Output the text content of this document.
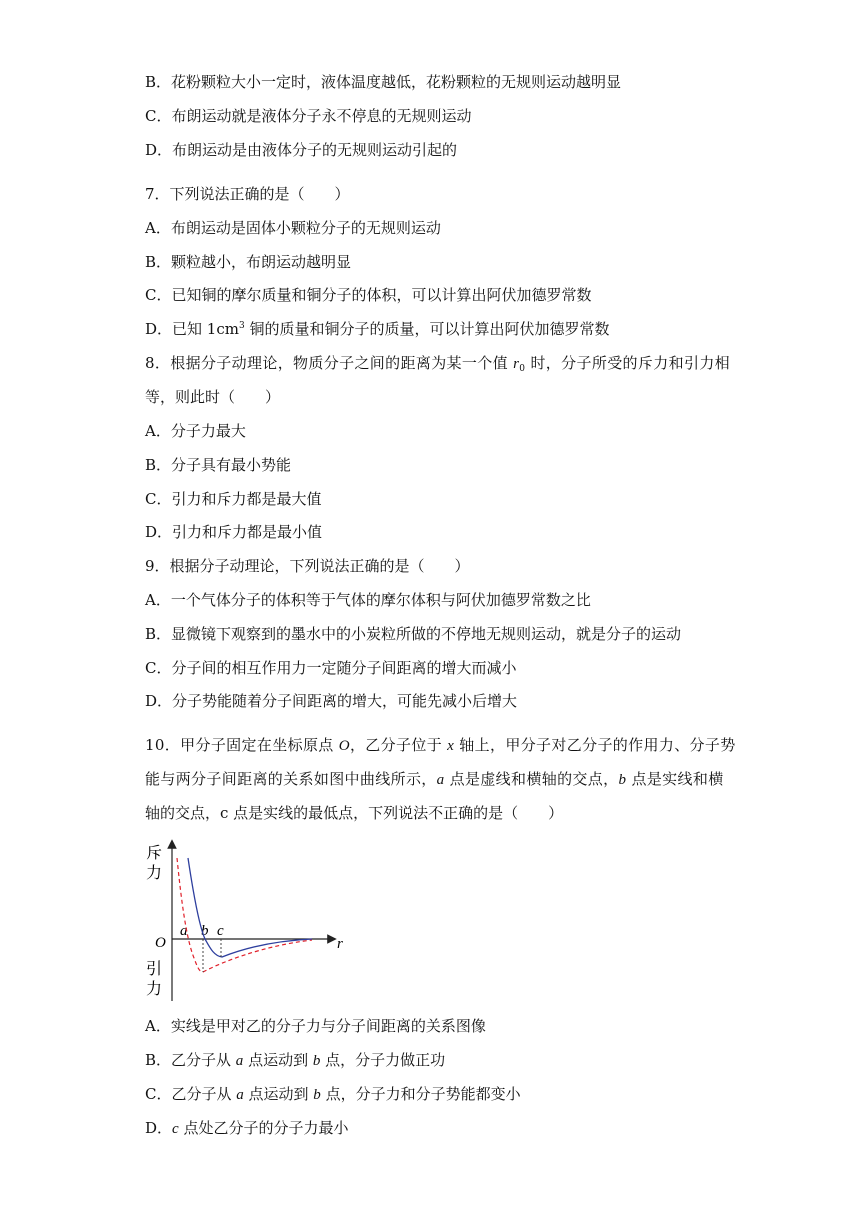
B．花粉颗粒大小一定时，液体温度越低，花粉颗粒的无规则运动越明显
C．布朗运动就是液体分子永不停息的无规则运动
D．布朗运动是由液体分子的无规则运动引起的
7．下列说法正确的是（　　）
A．布朗运动是固体小颗粒分子的无规则运动
B．颗粒越小，布朗运动越明显
C．已知铜的摩尔质量和铜分子的体积，可以计算出阿伏加德罗常数
D．已知 $1cm^3$ 铜的质量和铜分子的质量，可以计算出阿伏加德罗常数
8．根据分子动理论，物质分子之间的距离为某一个值 $r_0$ 时，分子所受的斥力和引力相
等，则此时（　　）
A．分子力最大
B．分子具有最小势能
C．引力和斥力都是最大值
D．引力和斥力都是最小值
9．根据分子动理论，下列说法正确的是（　　）
A．一个气体分子的体积等于气体的摩尔体积与阿伏加德罗常数之比
B．显微镜下观察到的墨水中的小炭粒所做的不停地无规则运动，就是分子的运动
C．分子间的相互作用力一定随分子间距离的增大而减小
D．分子势能随着分子间距离的增大，可能先减小后增大
10．甲分子固定在坐标原点 O，乙分子位于 x 轴上，甲分子对乙分子的作用力、分子势
能与两分子间距离的关系如图中曲线所示，a 点是虚线和横轴的交点，b 点是实线和横
轴的交点，c 点是实线的最低点，下列说法不正确的是（　　）
斥
力
引
力
O	r
a b c
A．实线是甲对乙的分子力与分子间距离的关系图像
B．乙分子从 a 点运动到 b 点，分子力做正功
C．乙分子从 a 点运动到 b 点，分子力和分子势能都变小
D．c 点处乙分子的分子力最小
